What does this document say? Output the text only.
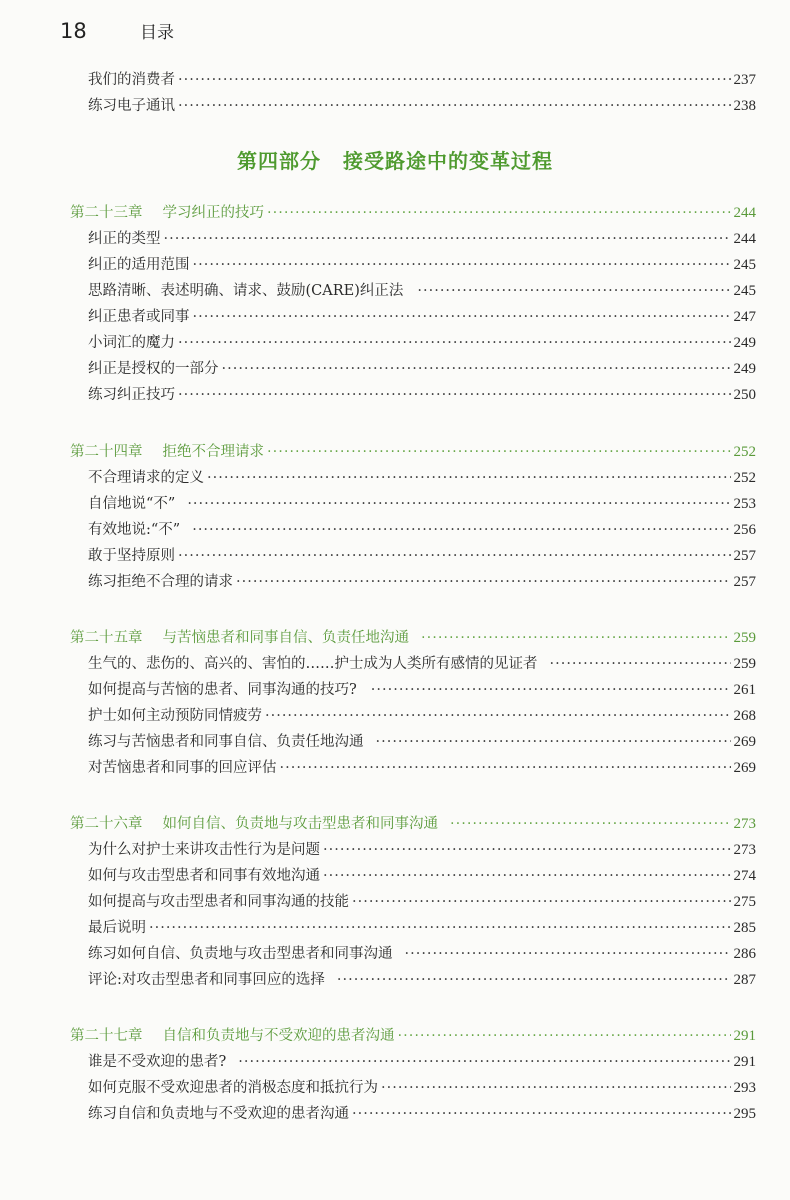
18	目录
我们的消费者 ·····	237
练习电子通讯 ·····	238
第四部分 接受路途中的变革过程
第二十三章 学习纠正的技巧 ·····	244
纠正的类型 ·····	244
纠正的适用范围 ·····	245
思路清晰、表述明确、请求、鼓励(CARE)纠正法 ·····	245
纠正患者或同事 ·····	247
小词汇的魔力 ·····	249
纠正是授权的一部分 ·····	249
练习纠正技巧 ·····	250
第二十四章 拒绝不合理请求 ·····	252
不合理请求的定义 ·····	252
自信地说“不” ·····	253
有效地说:“不” ·····	256
敢于坚持原则 ·····	257
练习拒绝不合理的请求 ·····	257
第二十五章 与苦恼患者和同事自信、负责任地沟通 ·····	259
生气的、悲伤的、高兴的、害怕的……护士成为人类所有感情的见证者 ·····	259
如何提高与苦恼的患者、同事沟通的技巧? ·····	261
护士如何主动预防同情疲劳 ·····	268
练习与苦恼患者和同事自信、负责任地沟通 ·····	269
对苦恼患者和同事的回应评估 ·····	269
第二十六章 如何自信、负责地与攻击型患者和同事沟通 ·····	273
为什么对护士来讲攻击性行为是问题 ·····	273
如何与攻击型患者和同事有效地沟通 ·····	274
如何提高与攻击型患者和同事沟通的技能 ·····	275
最后说明 ·····	285
练习如何自信、负责地与攻击型患者和同事沟通 ·····	286
评论:对攻击型患者和同事回应的选择 ·····	287
第二十七章 自信和负责地与不受欢迎的患者沟通 ·····	291
谁是不受欢迎的患者? ·····	291
如何克服不受欢迎患者的消极态度和抵抗行为 ·····	293
练习自信和负责地与不受欢迎的患者沟通 ·····	295
